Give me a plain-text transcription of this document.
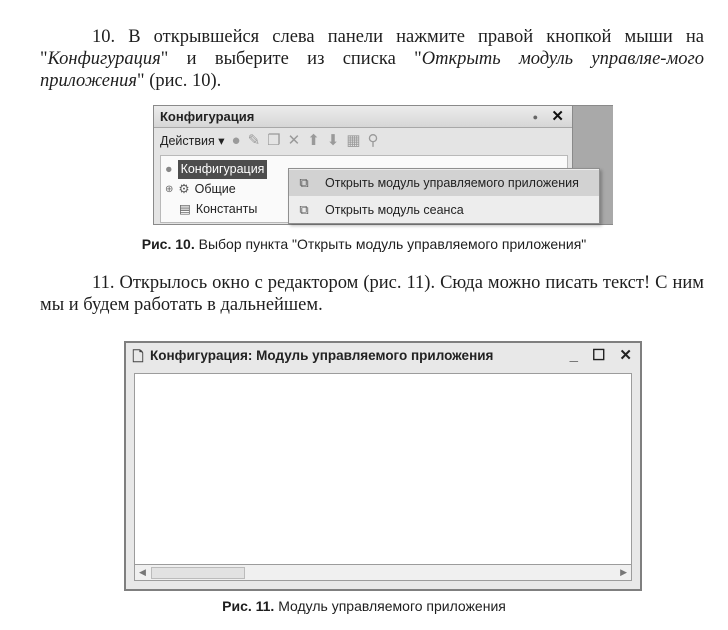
10. В открывшейся слева панели нажмите правой кнопкой мыши на "Конфигурация" и выберите из списка "Открыть модуль управляе-мого приложения" (рис. 10).
Конфигурация	● ✕
Действия ▾ ● ✎ ❐ ✕ ⬆ ⬇ ▦ ⚲
● Конфигурация
⊕ ⚙ Общие
▤ Константы
⧉	Открыть модуль управляемого приложения
⧉	Открыть модуль сеанса
Рис. 10. Выбор пункта "Открыть модуль управляемого приложения"
11. Открылось окно с редактором (рис. 11). Сюда можно писать текст! С ним мы и будем работать в дальнейшем.
🗋 Конфигурация: Модуль управляемого приложения	_ ☐ ✕
◀	▶
Рис. 11. Модуль управляемого приложения
